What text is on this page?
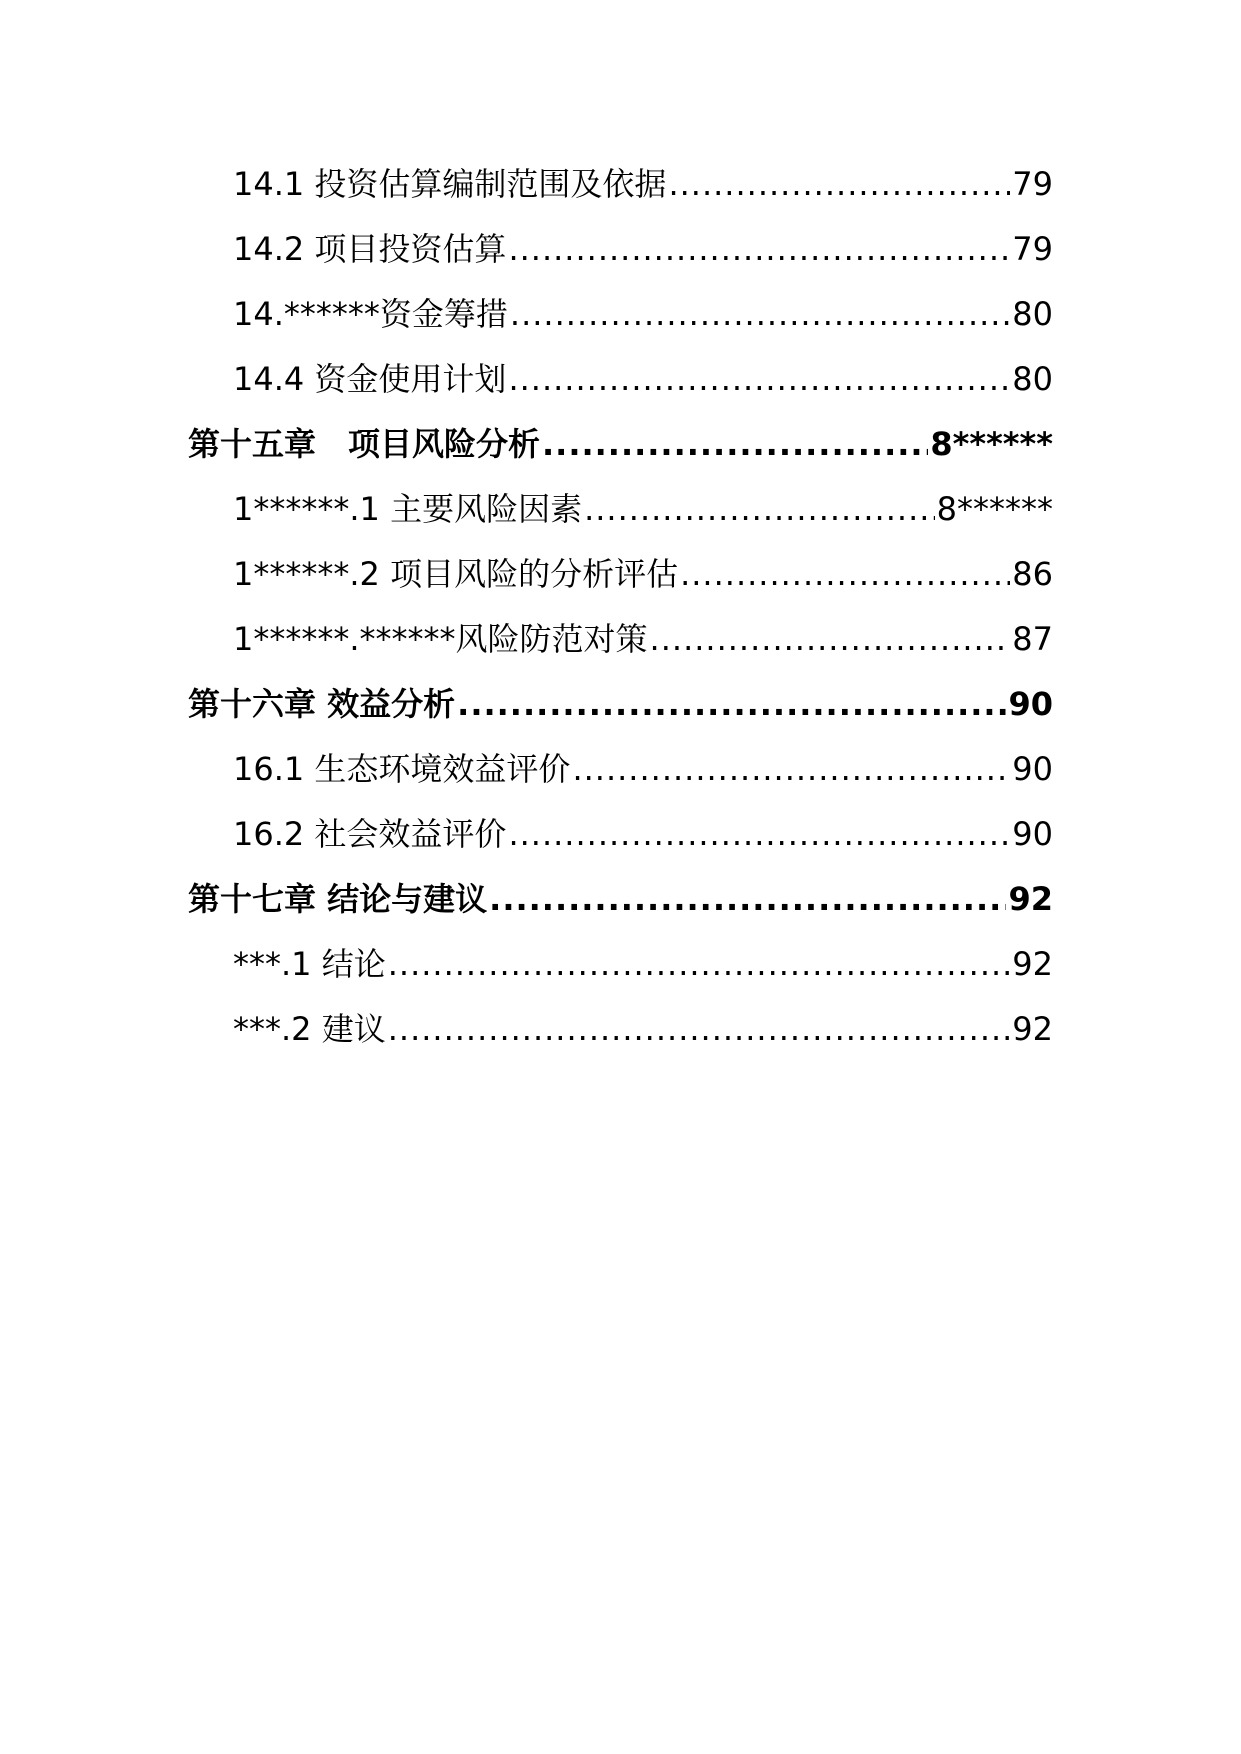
14.1 投资估算编制范围及依据 .....	79
14.2 项目投资估算 .....	79
14.******资金筹措 .....	80
14.4 资金使用计划 .....	80
第十五章　项目风险分析 .....	8******
1******.1 主要风险因素 .....	8******
1******.2 项目风险的分析评估 .....	86
1******.******风险防范对策 .....	87
第十六章 效益分析 .....	90
16.1 生态环境效益评价 .....	90
16.2 社会效益评价 .....	90
第十七章 结论与建议 .....	92
***.1 结论 .....	92
***.2 建议 .....	92
